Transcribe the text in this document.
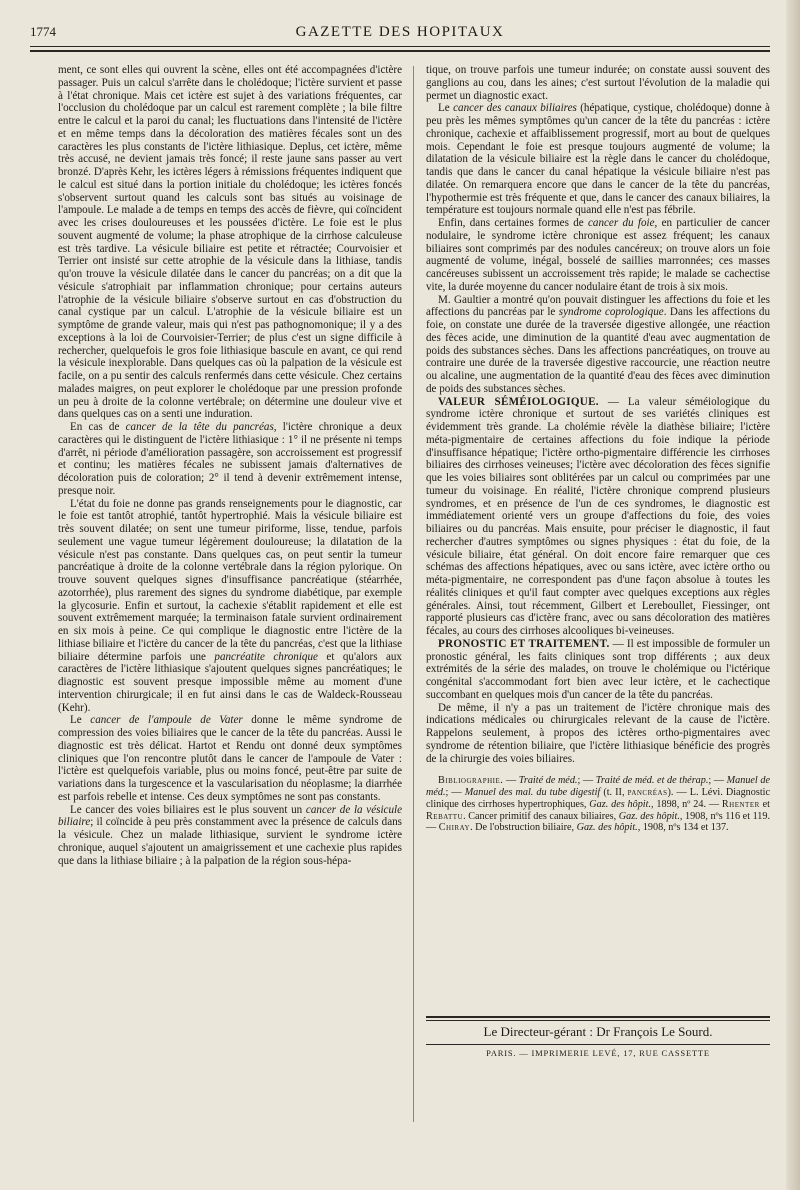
1774	GAZETTE DES HOPITAUX

ment, ce sont elles qui ouvrent la scène, elles ont été accompagnées d'ictère passager. Puis un calcul s'arrête dans le cholédoque; l'ictère survient et passe à l'état chronique. Mais cet ictère est sujet à des variations fréquentes, car l'occlusion du cholédoque par un calcul est rarement complète ; la bile filtre entre le calcul et la paroi du canal; les fluctuations dans l'intensité de l'ictère et en même temps dans la décoloration des matières fécales sont un des caractères les plus constants de l'ictère lithiasique. Deplus, cet ictère, même très accusé, ne devient jamais très foncé; il reste jaune sans passer au vert bronzé. D'après Kehr, les ictères légers à rémissions fréquentes indiquent que le calcul est situé dans la portion initiale du cholédoque; les ictères foncés s'observent surtout quand les calculs sont bas situés au voisinage de l'ampoule. Le malade a de temps en temps des accès de fièvre, qui coïncident avec les crises douloureuses et les poussées d'ictère. Le foie est le plus souvent augmenté de volume; la phase atrophique de la cirrhose calculeuse est très tardive. La vésicule biliaire est petite et rétractée; Courvoisier et Terrier ont insisté sur cette atrophie de la vésicule dans la lithiase, tandis qu'on trouve la vésicule dilatée dans le cancer du pancréas; on a dit que la vésicule s'atrophiait par inflammation chronique; pour certains auteurs l'atrophie de la vésicule biliaire s'observe surtout en cas d'obstruction du canal cystique par un calcul. L'atrophie de la vésicule biliaire est un symptôme de grande valeur, mais qui n'est pas pathognomonique; il y a des exceptions à la loi de Courvoisier-Terrier; de plus c'est un signe difficile à rechercher, quelquefois le gros foie lithiasique bascule en avant, ce qui rend la vésicule inexplorable. Dans quelques cas où la palpation de la vésicule est facile, on a pu sentir des calculs renfermés dans cette vésicule. Chez certains malades maigres, on peut explorer le cholédoque par une pression profonde un peu à droite de la colonne vertébrale; on détermine une douleur vive et dans quelques cas on a senti une induration.

En cas de cancer de la tête du pancréas, l'ictère chronique a deux caractères qui le distinguent de l'ictère lithiasique : 1° il ne présente ni temps d'arrêt, ni période d'amélioration passagère, son accroissement est progressif et continu; les matières fécales ne subissent jamais d'alternatives de décoloration puis de coloration; 2° il tend à devenir extrêmement intense, presque noir.

L'état du foie ne donne pas grands renseignements pour le diagnostic, car le foie est tantôt atrophié, tantôt hypertrophié. Mais la vésicule biliaire est très souvent dilatée; on sent une tumeur piriforme, lisse, tendue, parfois seulement une vague tumeur légèrement douloureuse; la dilatation de la vésicule n'est pas constante. Dans quelques cas, on peut sentir la tumeur pancréatique à droite de la colonne vertébrale dans la région pylorique. On trouve souvent quelques signes d'insuffisance pancréatique (stéarrhée, azotorrhée), plus rarement des signes du syndrome diabétique, par exemple la glycosurie. Enfin et surtout, la cachexie s'établit rapidement et elle est souvent extrêmement marquée; la terminaison fatale survient ordinairement en six mois à peine. Ce qui complique le diagnostic entre l'ictère de la lithiase biliaire et l'ictère du cancer de la tête du pancréas, c'est que la lithiase biliaire détermine parfois une pancréatite chronique et qu'alors aux caractères de l'ictère lithiasique s'ajoutent quelques signes pancréatiques; le diagnostic est souvent presque impossible même au moment d'une intervention chirurgicale; il en fut ainsi dans le cas de Waldeck-Rousseau (Kehr).

Le cancer de l'ampoule de Vater donne le même syndrome de compression des voies biliaires que le cancer de la tête du pancréas. Aussi le diagnostic est très délicat. Hartot et Rendu ont donné deux symptômes cliniques que l'on rencontre plutôt dans le cancer de l'ampoule de Vater : l'ictère est quelquefois variable, plus ou moins foncé, peut-être par suite de variations dans la turgescence et la vascularisation du néoplasme; la diarrhée est parfois rebelle et intense. Ces deux symptômes ne sont pas constants.

Le cancer des voies biliaires est le plus souvent un cancer de la vésicule biliaire; il coïncide à peu près constamment avec la présence de calculs dans la vésicule. Chez un malade lithiasique, survient le syndrome ictère chronique, auquel s'ajoutent un amaigrissement et une cachexie plus rapides que dans la lithiase biliaire ; à la palpation de la région sous-hépa-

tique, on trouve parfois une tumeur indurée; on constate aussi souvent des ganglions au cou, dans les aines; c'est surtout l'évolution de la maladie qui permet un diagnostic exact.

Le cancer des canaux biliaires (hépatique, cystique, cholédoque) donne à peu près les mêmes symptômes qu'un cancer de la tête du pancréas : ictère chronique, cachexie et affaiblissement progressif, mort au bout de quelques mois. Cependant le foie est presque toujours augmenté de volume; la dilatation de la vésicule biliaire est la règle dans le cancer du cholédoque, tandis que dans le cancer du canal hépatique la vésicule biliaire n'est pas dilatée. On remarquera encore que dans le cancer de la tête du pancréas, l'hypothermie est très fréquente et que, dans le cancer des canaux biliaires, la température est toujours normale quand elle n'est pas fébrile.

Enfin, dans certaines formes de cancer du foie, en particulier de cancer nodulaire, le syndrome ictère chronique est assez fréquent; les canaux biliaires sont comprimés par des nodules cancéreux; on trouve alors un foie augmenté de volume, inégal, bosselé de saillies marronnées; ces masses cancéreuses subissent un accroissement très rapide; le malade se cachectise vite, la durée moyenne du cancer nodulaire étant de trois à six mois.

M. Gaultier a montré qu'on pouvait distinguer les affections du foie et les affections du pancréas par le syndrome coprologique. Dans les affections du foie, on constate une durée de la traversée digestive allongée, une réaction des fèces acide, une diminution de la quantité d'eau avec augmentation de poids des substances sèches. Dans les affections pancréatiques, on trouve au contraire une durée de la traversée digestive raccourcie, une réaction neutre ou alcaline, une augmentation de la quantité d'eau des fèces avec diminution de poids des substances sèches.

VALEUR SÉMÉIOLOGIQUE. — La valeur séméiologique du syndrome ictère chronique et surtout de ses variétés cliniques est évidemment très grande. La cholémie révèle la diathèse biliaire; l'ictère méta-pigmentaire de certaines affections du foie indique la période d'insuffisance hépatique; l'ictère ortho-pigmentaire différencie les cirrhoses biliaires des cirrhoses veineuses; l'ictère avec décoloration des fèces signifie que les voies biliaires sont oblitérées par un calcul ou comprimées par une tumeur du voisinage. En réalité, l'ictère chronique comprend plusieurs syndromes, et en présence de l'un de ces syndromes, le diagnostic est immédiatement orienté vers un groupe d'affections du foie, des voies biliaires ou du pancréas. Mais ensuite, pour préciser le diagnostic, il faut rechercher d'autres symptômes ou signes physiques : état du foie, de la vésicule biliaire, état général. On doit encore faire remarquer que ces schémas des affections hépatiques, avec ou sans ictère, avec ictère ortho ou méta-pigmentaire, ne correspondent pas d'une façon absolue à toutes les réalités cliniques et qu'il faut compter avec quelques exceptions aux règles générales. Ainsi, tout récemment, Gilbert et Lereboullet, Fiessinger, ont rapporté plusieurs cas d'ictère franc, avec ou sans décoloration des matières fécales, au cours des cirrhoses alcooliques bi-veineuses.

PRONOSTIC ET TRAITEMENT. — Il est impossible de formuler un pronostic général, les faits cliniques sont trop différents ; aux deux extrémités de la série des malades, on trouve le cholémique ou l'ictérique congénital s'accommodant fort bien avec leur ictère, et le cachectique succombant en quelques mois d'un cancer de la tête du pancréas.

De même, il n'y a pas un traitement de l'ictère chronique mais des indications médicales ou chirurgicales relevant de la cause de l'ictère. Rappelons seulement, à propos des ictères ortho-pigmentaires avec syndrome de rétention biliaire, que l'ictère lithiasique bénéficie des progrès de la chirurgie des voies biliaires.

Bibliographie. — Traité de méd.; — Traité de méd. et de thérap.; — Manuel de méd.; — Manuel des mal. du tube digestif (t. II, pancréas). — L. Lévi. Diagnostic clinique des cirrhoses hypertrophiques, Gaz. des hôpit., 1898, nº 24. — Rhenter et Rebattu. Cancer primitif des canaux biliaires, Gaz. des hôpit., 1908, nºs 116 et 119. — Chiray. De l'obstruction biliaire, Gaz. des hôpit., 1908, nºs 134 et 137.

Le Directeur-gérant : Dr François Le Sourd.
PARIS. — IMPRIMERIE LEVÉ, 17, RUE CASSETTE
